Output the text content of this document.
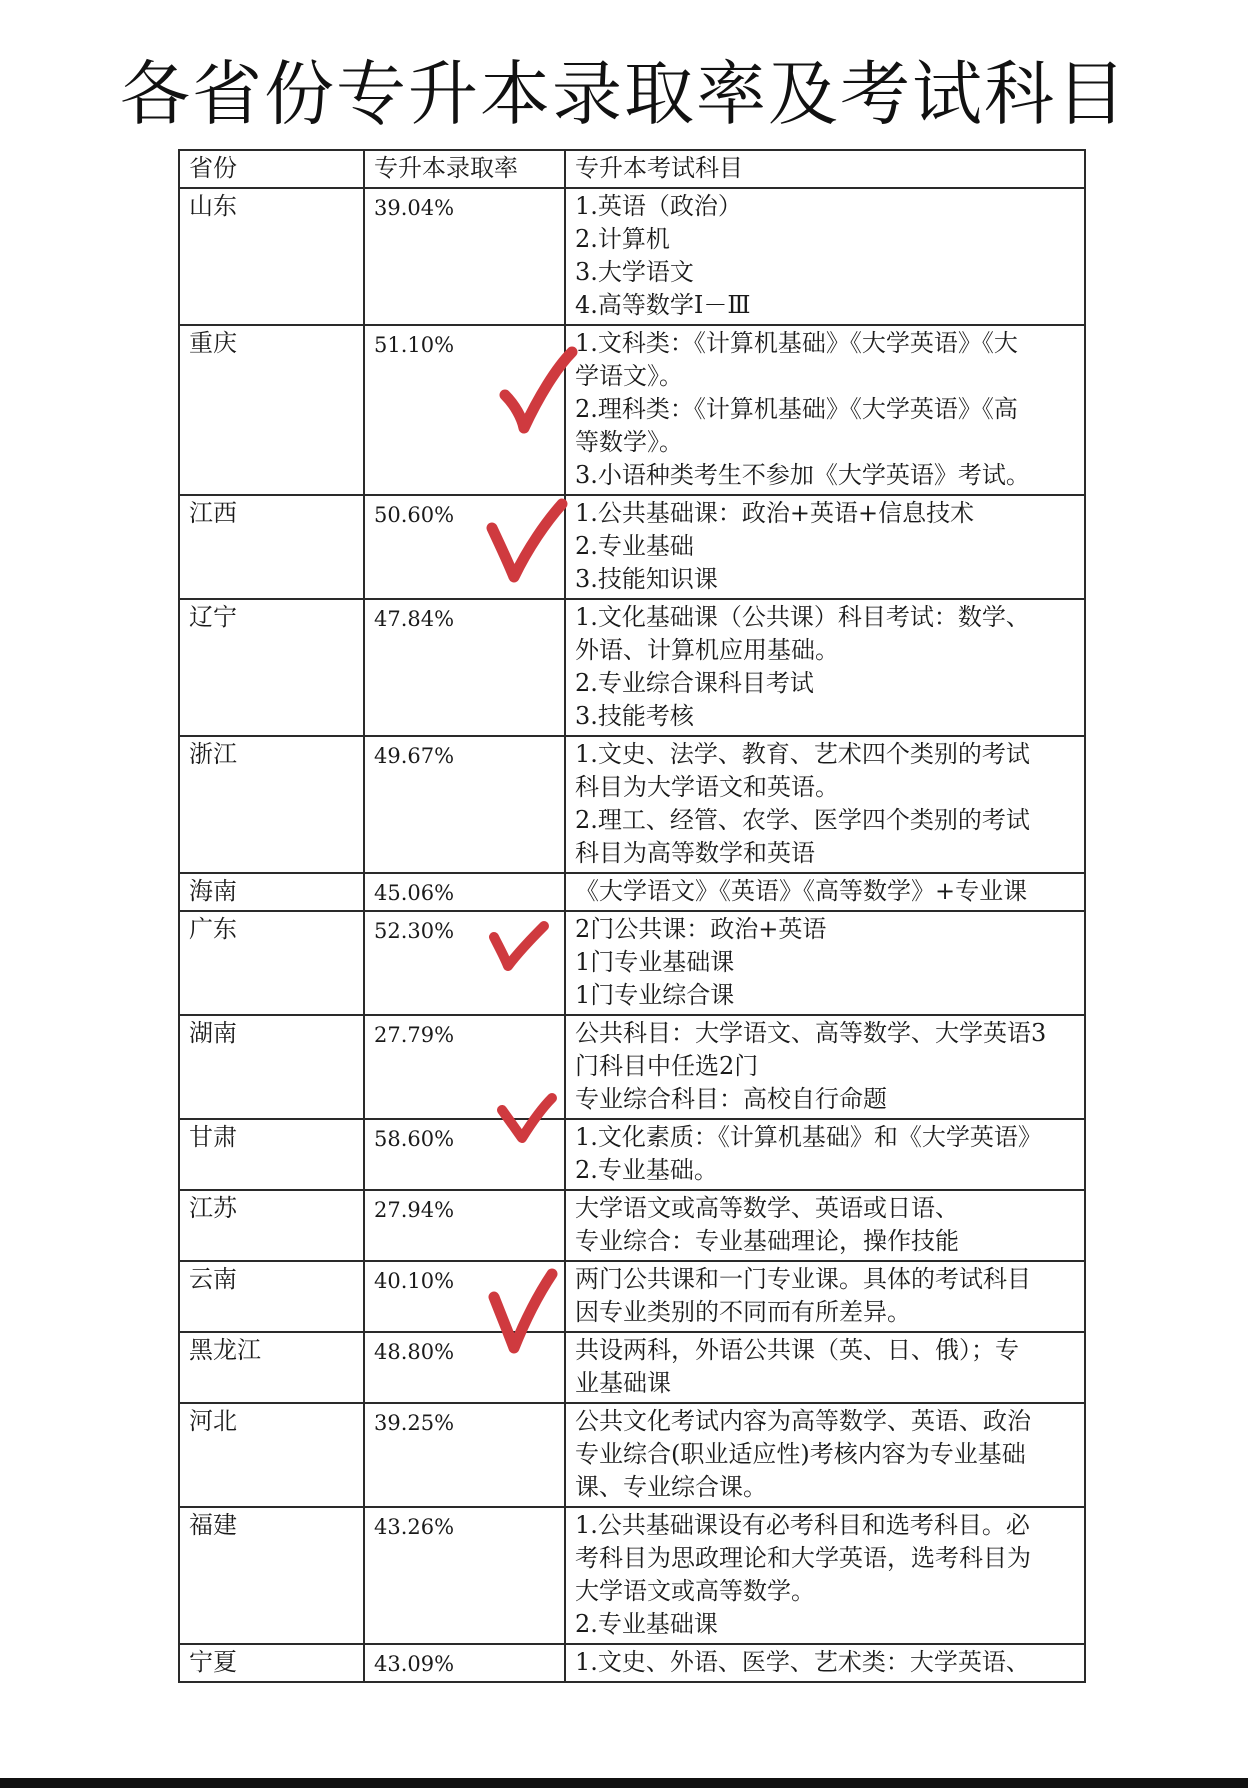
各省份专升本录取率及考试科目
省份	专升本录取率	专升本考试科目
山东	39.04%	1.英语（政治）
2.计算机
3.大学语文
4.高等数学Ⅰ－Ⅲ

重庆	51.10%	1.文科类：《计算机基础》《大学英语》《大
学语文》。
2.理科类：《计算机基础》《大学英语》《高
等数学》。
3.小语种类考生不参加《大学英语》考试。

江西	50.60%	1.公共基础课：政治+英语+信息技术
2.专业基础
3.技能知识课

辽宁	47.84%	1.文化基础课（公共课）科目考试：数学、
外语、计算机应用基础。
2.专业综合课科目考试
3.技能考核

浙江	49.67%	1.文史、法学、教育、艺术四个类别的考试
科目为大学语文和英语。
2.理工、经管、农学、医学四个类别的考试
科目为高等数学和英语

海南	45.06%	《大学语文》《英语》《高等数学》+专业课

广东	52.30%	2门公共课：政治+英语
1门专业基础课
1门专业综合课

湖南	27.79%	公共科目：大学语文、高等数学、大学英语3
门科目中任选2门
专业综合科目：高校自行命题

甘肃	58.60%	1.文化素质：《计算机基础》和《大学英语》
2.专业基础。

江苏	27.94%	大学语文或高等数学、英语或日语、
专业综合：专业基础理论，操作技能

云南	40.10%	两门公共课和一门专业课。具体的考试科目
因专业类别的不同而有所差异。

黑龙江	48.80%	共设两科，外语公共课（英、日、俄）；专
业基础课

河北	39.25%	公共文化考试内容为高等数学、英语、政治
专业综合(职业适应性)考核内容为专业基础
课、专业综合课。

福建	43.26%	1.公共基础课设有必考科目和选考科目。必
考科目为思政理论和大学英语，选考科目为
大学语文或高等数学。
2.专业基础课

宁夏	43.09%	1.文史、外语、医学、艺术类：大学英语、
